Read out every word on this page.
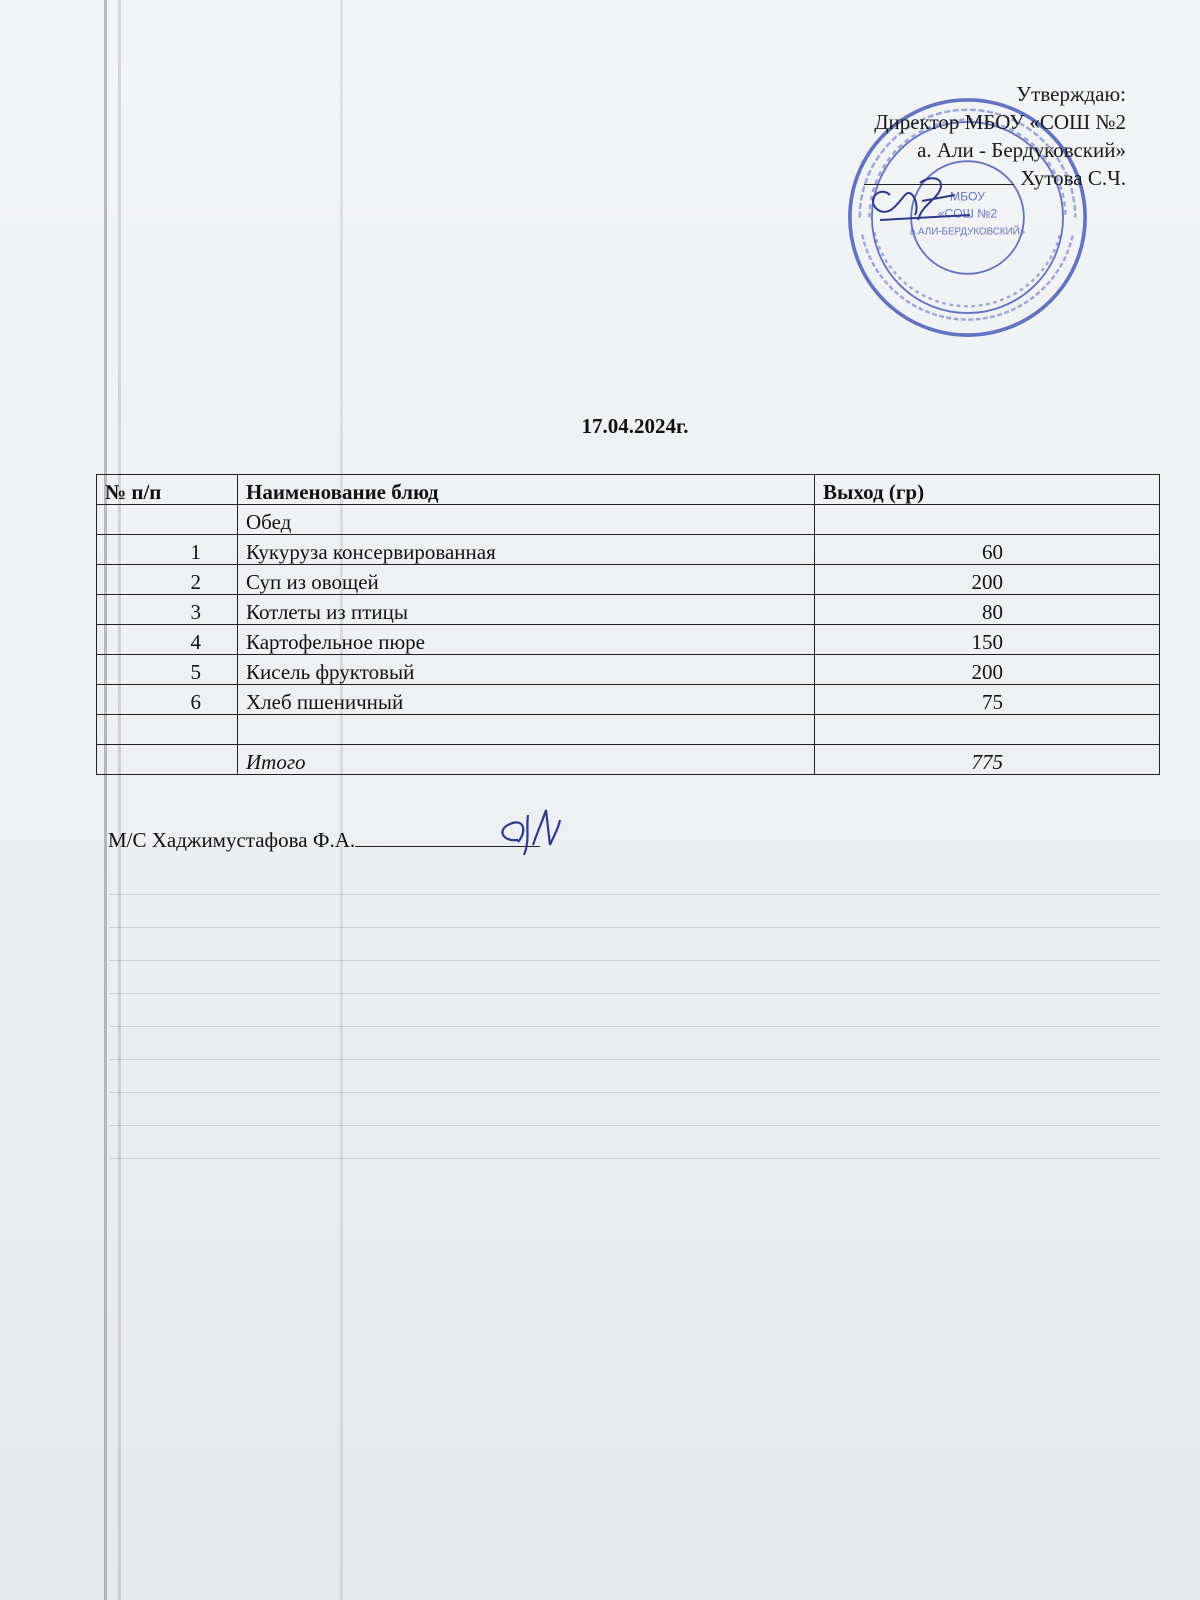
МБОУ
«СОШ №2
а.АЛИ-БЕРДУКОВСКИЙ»
Утверждаю:
Директор МБОУ «СОШ №2
а. Али - Бердуковский»
Хутова С.Ч.
17.04.2024г.
№ п/п	Наименование блюд	Выход (гр)
	Обед	
1	Кукуруза консервированная	60
2	Суп из овощей	200
3	Котлеты из птицы	80
4	Картофельное пюре	150
5	Кисель фруктовый	200
6	Хлеб пшеничный	75

	Итого	775
М/С Хаджимустафова Ф.А.
